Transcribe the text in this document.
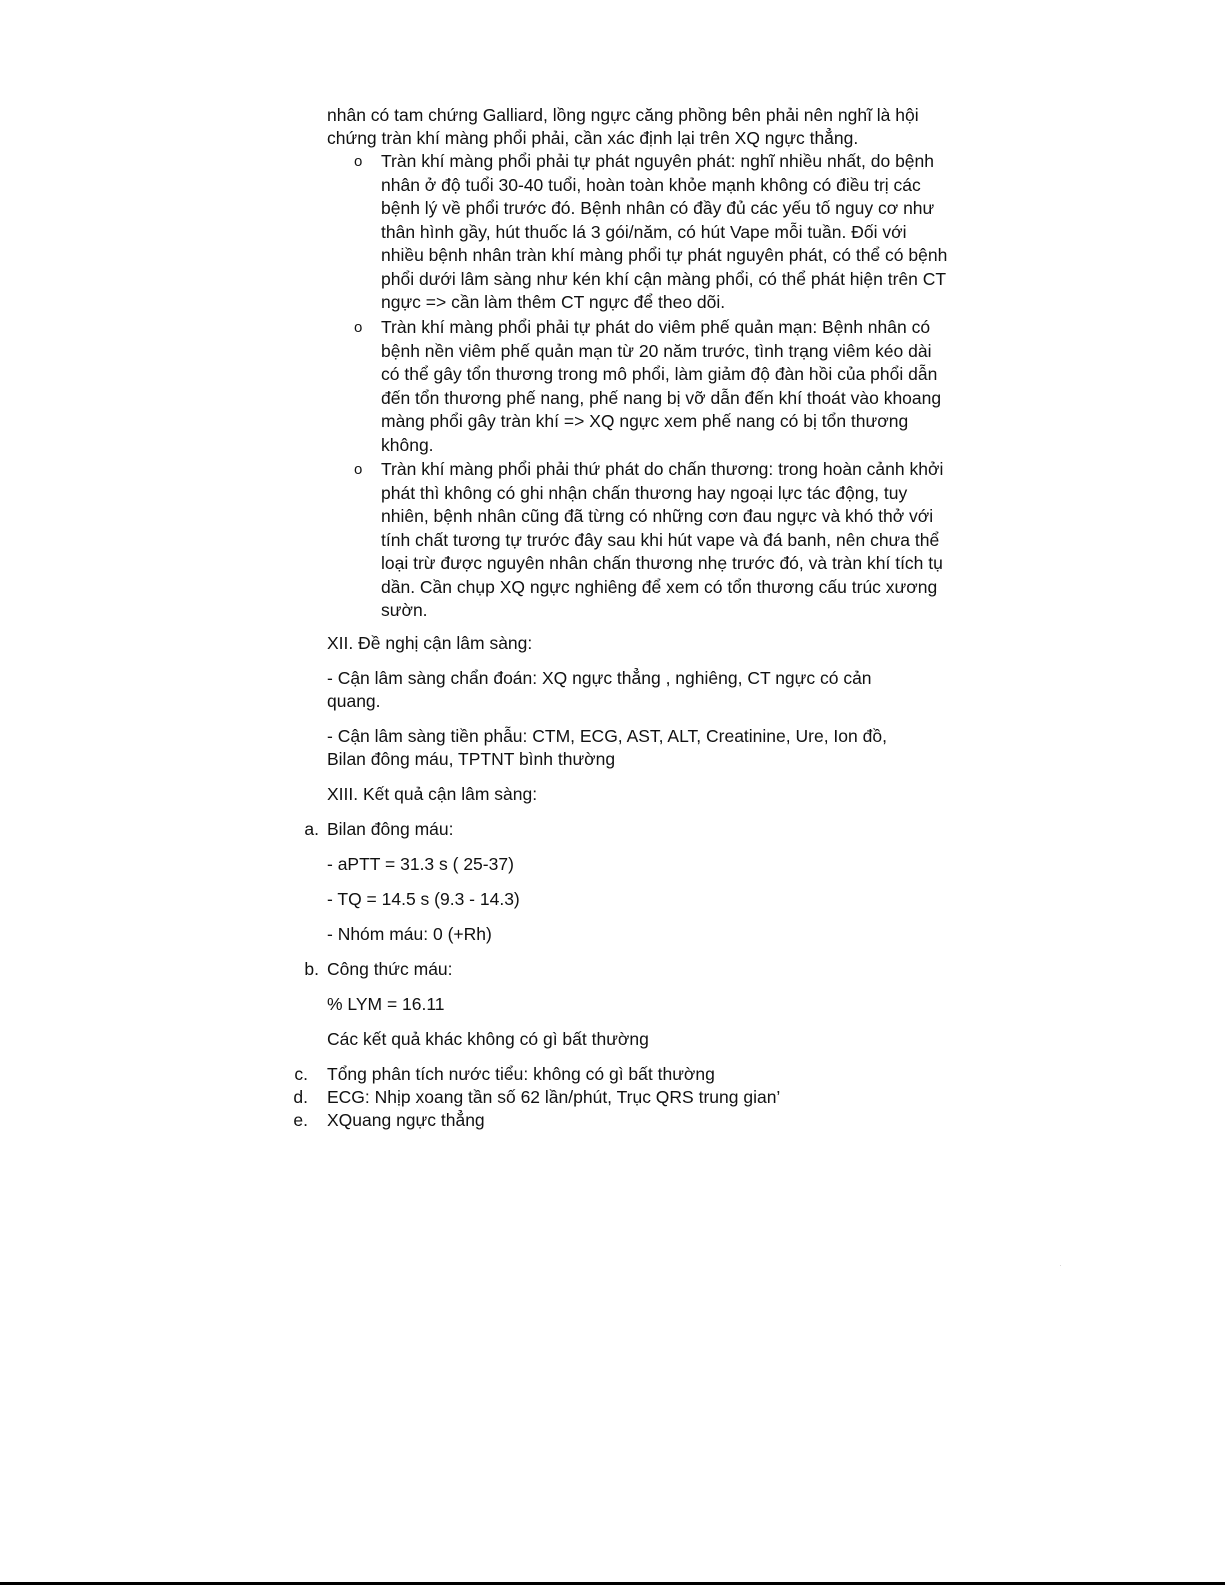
nhân có tam chứng Galliard, lồng ngực căng phồng bên phải nên nghĩ là hội chứng tràn khí màng phổi phải, cần xác định lại trên XQ ngực thẳng.

o Tràn khí màng phổi phải tự phát nguyên phát: nghĩ nhiều nhất, do bệnh nhân ở độ tuổi 30-40 tuổi, hoàn toàn khỏe mạnh không có điều trị các bệnh lý về phổi trước đó. Bệnh nhân có đầy đủ các yếu tố nguy cơ như thân hình gầy, hút thuốc lá 3 gói/năm, có hút Vape mỗi tuần. Đối với nhiều bệnh nhân tràn khí màng phổi tự phát nguyên phát, có thể có bệnh phổi dưới lâm sàng như kén khí cận màng phổi, có thể phát hiện trên CT ngực => cần làm thêm CT ngực để theo dõi.
o Tràn khí màng phổi phải tự phát do viêm phế quản mạn: Bệnh nhân có bệnh nền viêm phế quản mạn từ 20 năm trước, tình trạng viêm kéo dài có thể gây tổn thương trong mô phổi, làm giảm độ đàn hồi của phổi dẫn đến tổn thương phế nang, phế nang bị vỡ dẫn đến khí thoát vào khoang màng phổi gây tràn khí => XQ ngực xem phế nang có bị tổn thương không.
o Tràn khí màng phổi phải thứ phát do chấn thương: trong hoàn cảnh khởi phát thì không có ghi nhận chấn thương hay ngoại lực tác động, tuy nhiên, bệnh nhân cũng đã từng có những cơn đau ngực và khó thở với tính chất tương tự trước đây sau khi hút vape và đá banh, nên chưa thể loại trừ được nguyên nhân chấn thương nhẹ trước đó, và tràn khí tích tụ dần. Cần chụp XQ ngực nghiêng để xem có tổn thương cấu trúc xương sườn.

XII. Đề nghị cận lâm sàng:

- Cận lâm sàng chẩn đoán: XQ ngực thẳng , nghiêng, CT ngực có cản quang.

- Cận lâm sàng tiền phẫu: CTM, ECG, AST, ALT, Creatinine, Ure, Ion đồ, Bilan đông máu, TPTNT bình thường

XIII. Kết quả cận lâm sàng:

a. Bilan đông máu:

- aPTT = 31.3 s ( 25-37)

- TQ = 14.5 s (9.3 - 14.3)

- Nhóm máu: 0 (+Rh)

b. Công thức máu:

% LYM = 16.11

Các kết quả khác không có gì bất thường

c. Tổng phân tích nước tiểu: không có gì bất thường

d. ECG: Nhịp xoang tần số 62 lần/phút, Trục QRS trung gian’

e. XQuang ngực thẳng
